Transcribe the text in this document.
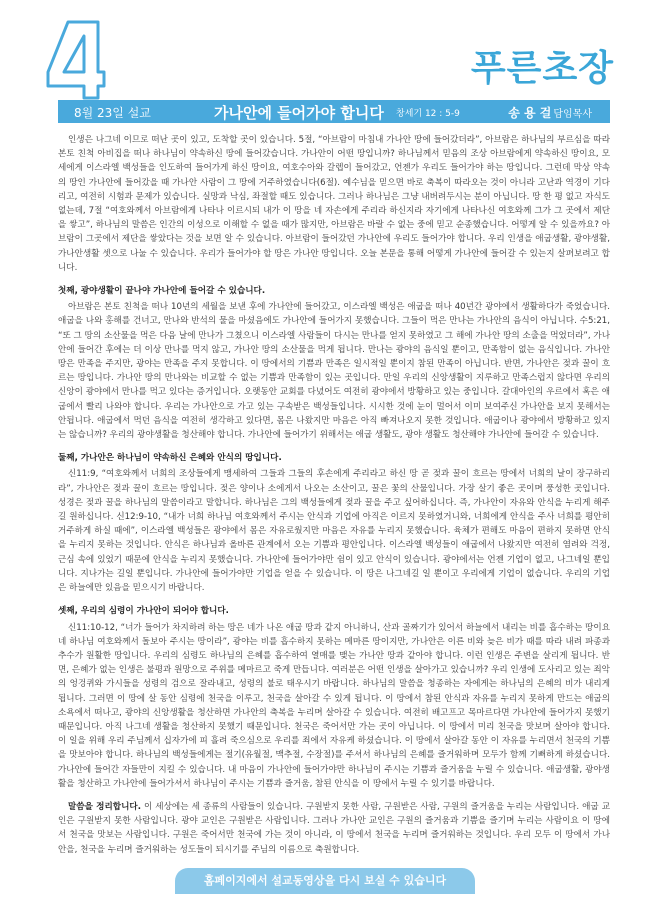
푸른초장
8월 23일 설교	가나안에 들어가야 합니다 창세기 12 : 5-9	송 용 걸 담임목사

인생은 나그네 이므로 떠난 곳이 있고, 도착할 곳이 있습니다. 5절, “아브람이 마침내 가나안 땅에 들어갔더라”, 아브람은 하나님의 부르심을 따라 본토 친척 아비집을 떠나 하나님이 약속하신 땅에 들어갔습니다. 가나안이 어떤 땅입니까? 하나님께서 믿음의 조상 아브람에게 약속하신 땅이요, 모세에게 이스라엘 백성들을 인도하여 들어가게 하신 땅이요, 여호수아와 갈렙이 들어갔고, 언젠가 우리도 들어가야 하는 땅입니다. 그런데 막상 약속의 땅인 가나안에 들어갔을 때 가나안 사람이 그 땅에 거주하였습니다(6절). 예수님을 믿으면 바로 축복이 따라오는 것이 아니라 고난과 역경이 기다리고, 여전히 시험과 문제가 있습니다. 실망과 낙심, 좌절할 때도 있습니다. 그러나 하나님은 그냥 내버려두시는 분이 아닙니다. 땅 한 평 없고 자식도 없는데, 7절 “여호와께서 아브람에게 나타나 이르시되 내가 이 땅을 네 자손에게 주리라 하신지라 자기에게 나타나신 여호와께 그가 그 곳에서 제단을 쌓고”, 하나님의 말씀은 인간의 이성으로 이해할 수 없을 때가 많지만, 아브람은 바랄 수 없는 중에 믿고 순종했습니다. 어떻게 알 수 있을까요? 아브람이 그곳에서 제단을 쌓았다는 것을 보면 알 수 있습니다. 아브람이 들어갔던 가나안에 우리도 들어가야 합니다. 우리 인생을 애굽생활, 광야생활, 가나안생활 셋으로 나눌 수 있습니다. 우리가 들어가야 할 땅은 가나안 땅입니다. 오늘 본문을 통해 어떻게 가나안에 들어갈 수 있는지 살펴보려고 합니다.

첫째, 광야생활이 끝나야 가나안에 들어갈 수 있습니다.

아브람은 본토 친척을 떠나 10년의 세월을 보낸 후에 가나안에 들어갔고, 이스라엘 백성은 애굽을 떠나 40년간 광야에서 생활하다가 죽었습니다. 애굽을 나와 홍해를 건너고, 만나와 반석의 물을 마셨음에도 가나안에 들어가지 못했습니다. 그들이 먹은 만나는 가나안의 음식이 아닙니다. 수5:21, “또 그 땅의 소산물을 먹은 다음 날에 만나가 그쳤으니 이스라엘 사람들이 다시는 만나를 얻지 못하였고 그 해에 가나안 땅의 소출을 먹었더라”, 가나안에 들어간 후에는 더 이상 만나를 먹지 않고, 가나안 땅의 소산물을 먹게 됩니다. 만나는 광야의 음식일 뿐이고, 만족함이 없는 음식입니다. 가나안 땅은 만족을 주지만, 광야는 만족을 주지 못합니다. 이 땅에서의 기쁨과 만족은 일시적일 뿐이지 참된 만족이 아닙니다. 반면, 가나안은 젖과 꿀이 흐르는 땅입니다. 가나안 땅의 만나와는 비교할 수 없는 기쁨과 만족함이 있는 곳입니다. 만일 우리의 신앙생활이 지루하고 만족스럽지 않다면 우리의 신앙이 광야에서 만나를 먹고 있다는 증거입니다. 오랫동안 교회를 다녔어도 여전히 광야에서 방황하고 있는 중입니다. 갈대아인의 우르에서 혹은 애굽에서 빨리 나와야 합니다. 우리는 가나안으로 가고 있는 구속받은 백성들입니다. 시시한 것에 눈이 멀어서 이미 보여주신 가나안을 보지 못해서는 안됩니다. 애굽에서 먹던 음식을 여전히 생각하고 있다면, 몸은 나왔지만 마음은 아직 빠져나오지 못한 것입니다. 애굽이나 광야에서 방황하고 있지는 않습니까? 우리의 광야생활을 청산해야 합니다. 가나안에 들어가기 위해서는 애굽 생활도, 광야 생활도 청산해야 가나안에 들어갈 수 있습니다.

둘째, 가나안은 하나님이 약속하신 은혜와 안식의 땅입니다.

신11:9, “여호와께서 너희의 조상들에게 맹세하여 그들과 그들의 후손에게 주리라고 하신 땅 곧 젖과 꿀이 흐르는 땅에서 너희의 날이 장구하리라”, 가나안은 젖과 꿀이 흐르는 땅입니다. 젖은 양이나 소에게서 나오는 소산이고, 꿀은 꽃의 산물입니다. 가장 살기 좋은 곳이며 풍성한 곳입니다. 성경은 젖과 꿀을 하나님의 말씀이라고 말합니다. 하나님은 그의 백성들에게 젖과 꿀을 주고 싶어하십니다. 즉, 가나안이 자유와 안식을 누리게 해주길 원하십니다. 신12:9-10, “내가 너희 하나님 여호와께서 주시는 안식과 기업에 아직은 이르지 못하였거니와, 너희에게 안식을 주사 너희를 평안히 거주하게 하실 때에”, 이스라엘 백성들은 광야에서 몸은 자유로웠지만 마음은 자유를 누리지 못했습니다. 육체가 편해도 마음이 편하지 못하면 안식을 누리지 못하는 것입니다. 안식은 하나님과 올바른 관계에서 오는 기쁨과 평안입니다. 이스라엘 백성들이 애굽에서 나왔지만 여전히 염려와 걱정, 근심 속에 있었기 때문에 안식을 누리지 못했습니다. 가나안에 들어가야만 쉼이 있고 안식이 있습니다. 광야에서는 언젠 기업이 없고, 나그네일 뿐입니다. 지나가는 길일 뿐입니다. 가나안에 들어가야만 기업을 얻을 수 있습니다. 이 땅은 나그네길 일 뿐이고 우리에게 기업이 없습니다. 우리의 기업은 하늘에만 있음을 믿으시기 바랍니다.

셋째, 우리의 심령이 가나안이 되어야 합니다.

신11:10-12, “너가 들어가 차지하려 하는 땅은 네가 나온 애굽 땅과 같지 아니하니, 산과 골짜기가 있어서 하늘에서 내리는 비를 흡수하는 땅이요 네 하나님 여호와께서 돌보아 주시는 땅이라”, 광야는 비를 흡수하지 못하는 메마른 땅이지만, 가나안은 이른 비와 늦은 비가 때를 따라 내려 파종과 추수가 원활한 땅입니다. 우리의 심령도 하나님의 은혜를 흡수하여 열매를 맺는 가나안 땅과 같아야 합니다. 이런 인생은 주변을 살리게 됩니다. 반면, 은혜가 없는 인생은 불평과 원망으로 주위를 메마르고 죽게 만듭니다. 여러분은 어떤 인생을 살아가고 있습니까? 우리 인생에 도사리고 있는 죄악의 엉겅퀴와 가시들을 성령의 검으로 잘라내고, 성령의 불로 태우시기 바랍니다. 하나님의 말씀을 청종하는 자에게는 하나님의 은혜의 비가 내리게 됩니다. 그러면 이 땅에 살 동안 심령에 천국을 이루고, 천국을 살아갈 수 있게 됩니다. 이 땅에서 참된 안식과 자유를 누리지 못하게 만드는 애굽의 소욕에서 떠나고, 광야의 신앙생활을 청산하면 가나안의 축복을 누리며 살아갈 수 있습니다. 여전히 배고프고 목마르다면 가나안에 들어가지 못했기 때문입니다. 아직 나그네 생활을 청산하지 못했기 때문입니다. 천국은 죽어서만 가는 곳이 아닙니다. 이 땅에서 미리 천국을 맛보며 살아야 합니다. 이 일을 위해 우리 주님께서 십자가에 피 흘려 죽으심으로 우리를 죄에서 자유케 하셨습니다. 이 땅에서 살아갈 동안 이 자유를 누리면서 천국의 기쁨을 맛보아야 합니다. 하나님의 백성들에게는 절기(유월절, 맥추절, 수장절)를 주셔서 하나님의 은혜를 즐거워하며 모두가 함께 기뻐하게 하셨습니다. 가나안에 들어간 자들만이 지킬 수 있습니다. 내 마음이 가나안에 들어가야만 하나님이 주시는 기쁨과 즐거움을 누릴 수 있습니다. 애굽생활, 광야생활을 청산하고 가나안에 들어가셔서 하나님이 주시는 기쁨과 즐거움, 참된 안식을 이 땅에서 누릴 수 있기를 바랍니다.

말씀을 정리합니다. 이 세상에는 세 종류의 사람들이 있습니다. 구원받지 못한 사람, 구원받은 사람, 구원의 즐거움을 누리는 사람입니다. 애굽 교인은 구원받지 못한 사람입니다. 광야 교인은 구원받은 사람입니다. 그러나 가나안 교인은 구원의 즐거움과 기쁨을 즐기며 누리는 사람이요 이 땅에서 천국을 맛보는 사람입니다. 구원은 죽어서만 천국에 가는 것이 아니라, 이 땅에서 천국을 누리며 즐거워하는 것입니다. 우리 모두 이 땅에서 가나안을, 천국을 누리며 즐거워하는 성도들이 되시기를 주님의 이름으로 축원합니다.

홈페이지에서 설교동영상을 다시 보실 수 있습니다
